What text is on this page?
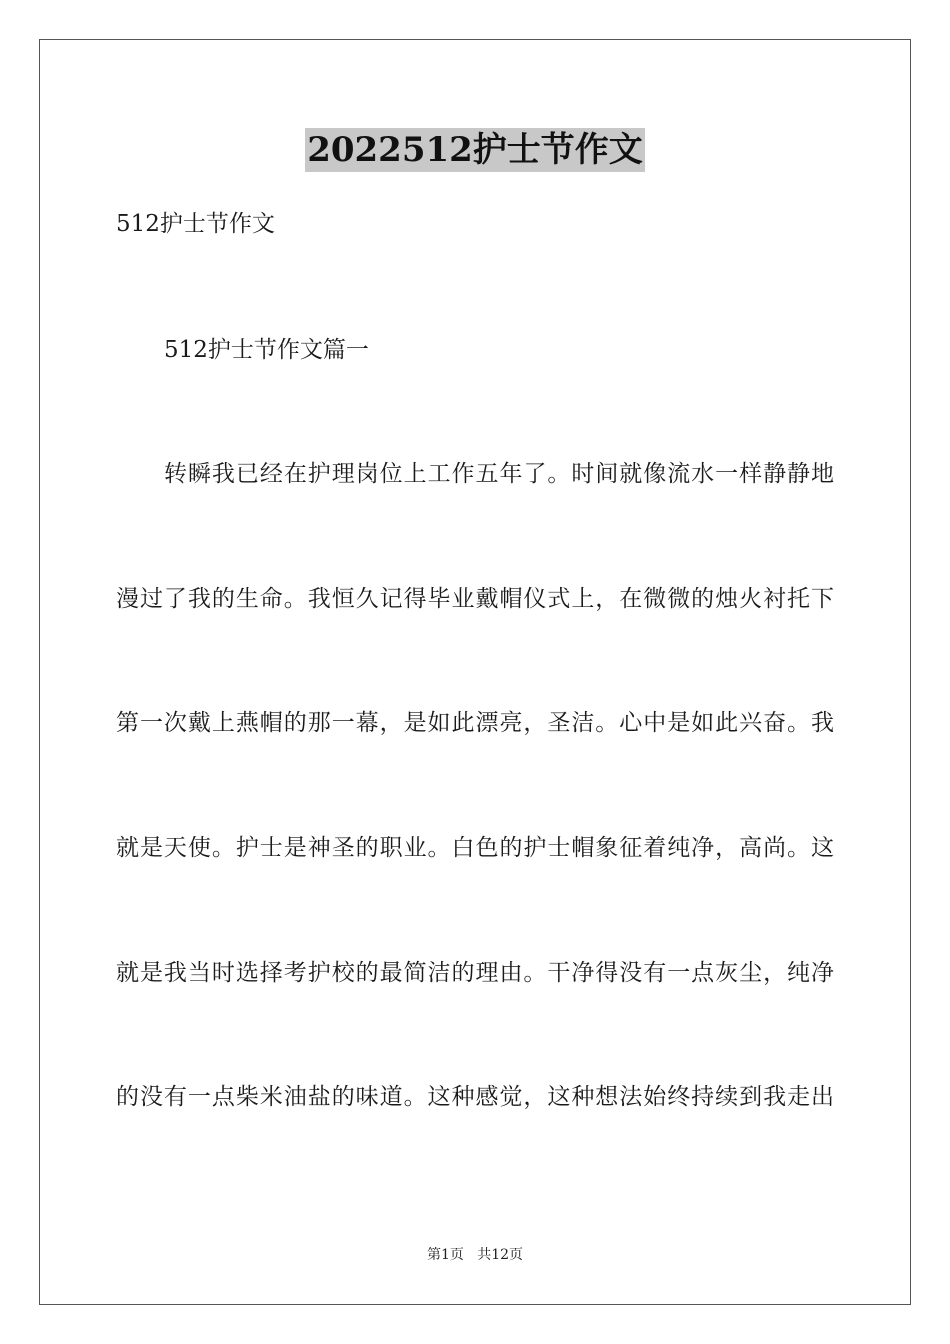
2022512护士节作文
512护士节作文
512护士节作文篇一
转瞬我已经在护理岗位上工作五年了。时间就像流水一样静静地
漫过了我的生命。我恒久记得毕业戴帽仪式上，在微微的烛火衬托下
第一次戴上燕帽的那一幕，是如此漂亮，圣洁。心中是如此兴奋。我
就是天使。护士是神圣的职业。白色的护士帽象征着纯净，高尚。这
就是我当时选择考护校的最简洁的理由。干净得没有一点灰尘，纯净
的没有一点柴米油盐的味道。这种感觉，这种想法始终持续到我走出
第1页   共12页
